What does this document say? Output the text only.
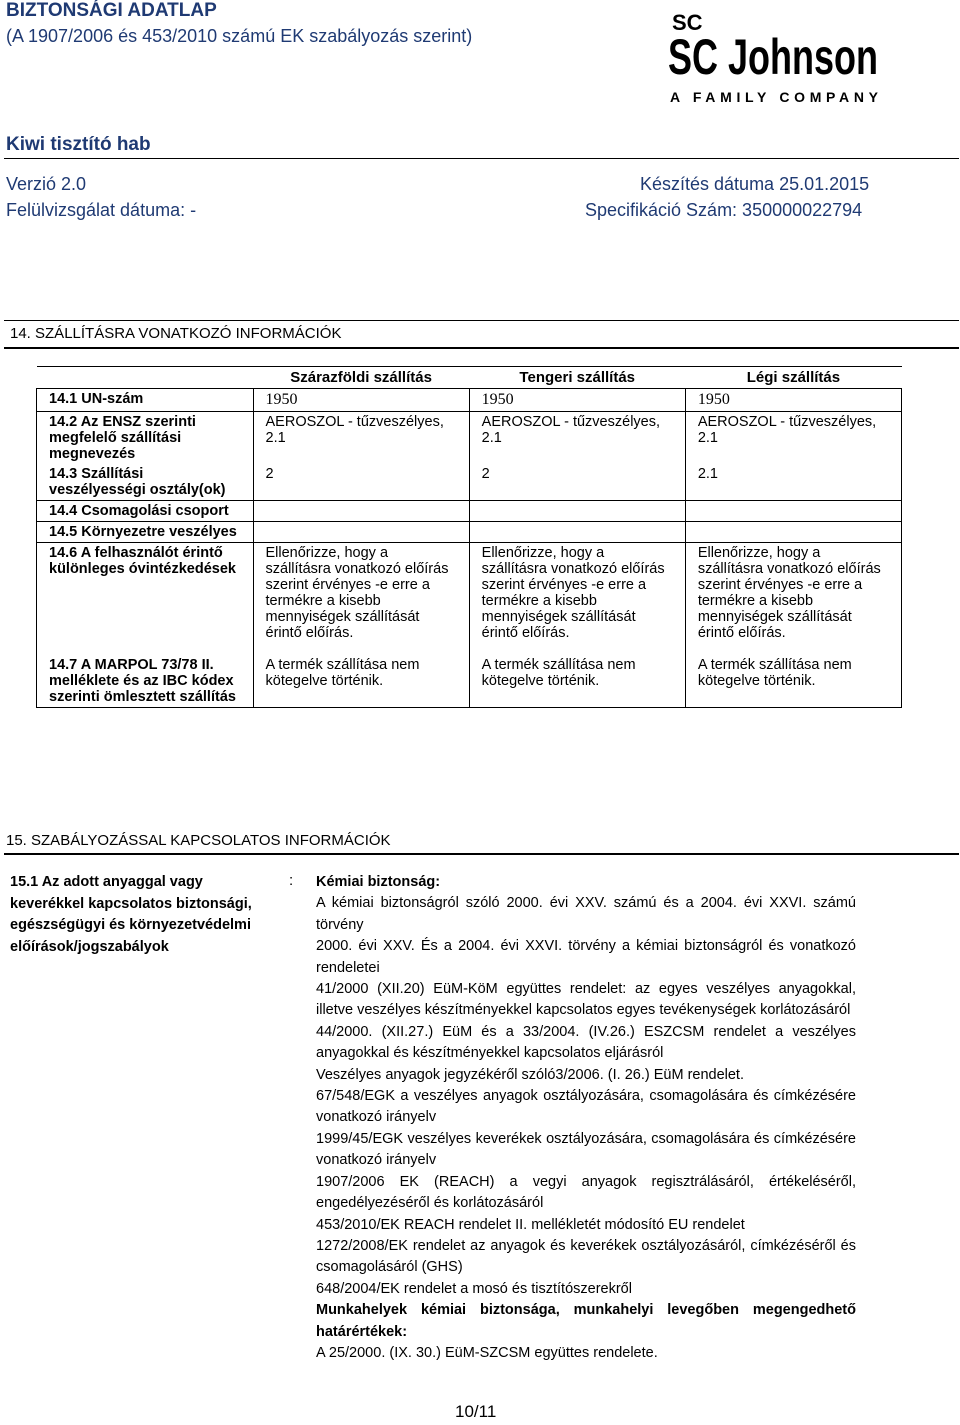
BIZTONSÁGI ADATLAP
(A 1907/2006 és 453/2010 számú EK szabályozás szerint)
SC
SC Johnson
A FAMILY COMPANY
Kiwi tisztító hab
Verzió 2.0	Készítés dátuma 25.01.2015
Felülvizsgálat dátuma: -	Specifikáció Szám: 350000022794
14. SZÁLLÍTÁSRA VONATKOZÓ INFORMÁCIÓK
	Szárazföldi szállítás	Tengeri szállítás	Légi szállítás
14.1 UN-szám	1950	1950	1950
14.2 Az ENSZ szerinti megfelelő szállítási megnevezés	AEROSZOL - tűzveszélyes, 2.1	AEROSZOL - tűzveszélyes, 2.1	AEROSZOL - tűzveszélyes, 2.1
14.3 Szállítási veszélyességi osztály(ok)	2	2	2.1
14.4 Csomagolási csoport			
14.5 Környezetre veszélyes			
14.6 A felhasználót érintő különleges óvintézkedések	Ellenőrizze, hogy a szállításra vonatkozó előírás szerint érvényes -e erre a termékre a kisebb mennyiségek szállítását érintő előírás.	Ellenőrizze, hogy a szállításra vonatkozó előírás szerint érvényes -e erre a termékre a kisebb mennyiségek szállítását érintő előírás.	Ellenőrizze, hogy a szállításra vonatkozó előírás szerint érvényes -e erre a termékre a kisebb mennyiségek szállítását érintő előírás.
14.7 A MARPOL 73/78 II. melléklete és az IBC kódex szerinti ömlesztett szállítás	A termék szállítása nem kötegelve történik.	A termék szállítása nem kötegelve történik.	A termék szállítása nem kötegelve történik.
15. SZABÁLYOZÁSSAL KAPCSOLATOS INFORMÁCIÓK
15.1 Az adott anyaggal vagy keverékkel kapcsolatos biztonsági, egészségügyi és környezetvédelmi előírások/jogszabályok
: Kémiai biztonság:

A kémiai biztonságról szóló 2000. évi XXV. számú és a 2004. évi XXVI. számú törvény

2000. évi XXV. És a 2004. évi XXVI. törvény a kémiai biztonságról és vonatkozó rendeletei

41/2000 (XII.20) EüM-KöM együttes rendelet: az egyes veszélyes anyagokkal, illetve veszélyes készítményekkel kapcsolatos egyes tevékenységek korlátozásáról

44/2000. (XII.27.) EüM és a 33/2004. (IV.26.) ESZCSM rendelet a veszélyes anyagokkal és készítményekkel kapcsolatos eljárásról

Veszélyes anyagok jegyzékéről szóló3/2006. (I. 26.) EüM rendelet.

67/548/EGK a veszélyes anyagok osztályozására, csomagolására és címkézésére vonatkozó irányelv

1999/45/EGK veszélyes keverékek osztályozására, csomagolására és címkézésére vonatkozó irányelv

1907/2006 EK (REACH) a vegyi anyagok regisztrálásáról, értékeléséről, engedélyezéséről és korlátozásáról

453/2010/EK REACH rendelet II. mellékletét módosító EU rendelet

1272/2008/EK rendelet az anyagok és keverékek osztályozásáról, címkézéséről és csomagolásáról (GHS)

648/2004/EK rendelet a mosó és tisztítószerekről

Munkahelyek kémiai biztonsága, munkahelyi levegőben megengedhető határértékek:

A 25/2000. (IX. 30.) EüM-SZCSM együttes rendelete.

10/11
